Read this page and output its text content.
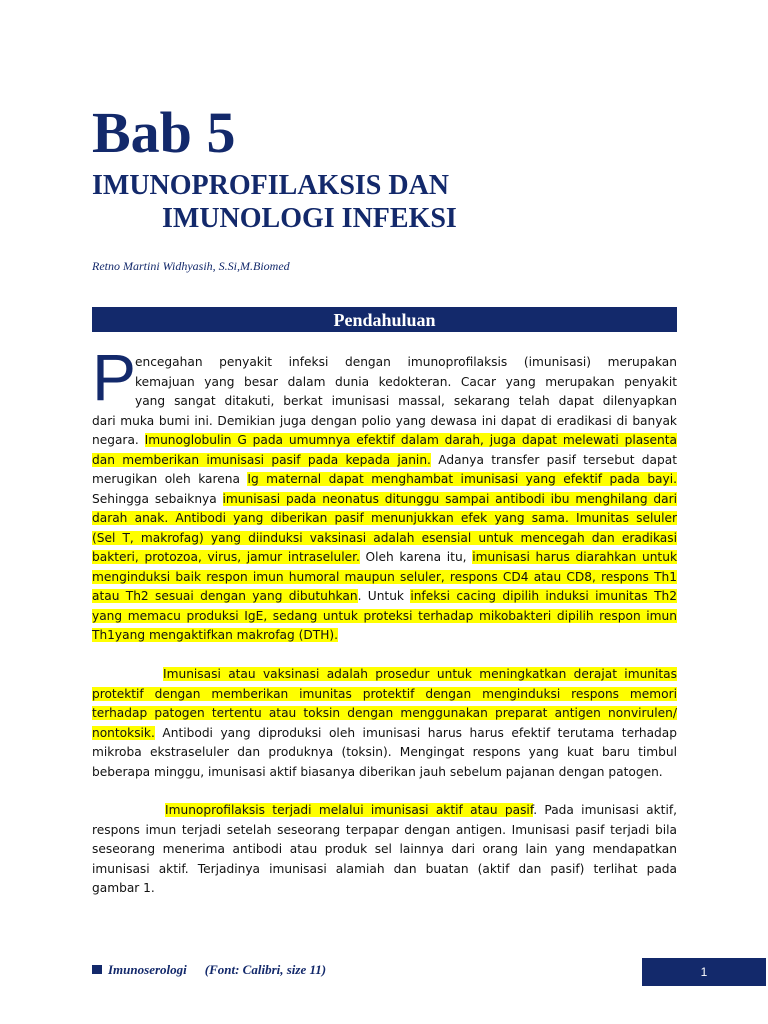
Bab 5
IMUNOPROFILAKSIS DAN
IMUNOLOGI INFEKSI
Retno Martini Widhyasih, S.Si,M.Biomed
Pendahuluan
P
encegahan penyakit infeksi dengan imunoprofilaksis (imunisasi) merupakan
kemajuan yang besar dalam dunia kedokteran. Cacar yang merupakan penyakit
yang sangat ditakuti, berkat imunisasi massal, sekarang telah dapat dilenyapkan
dari muka bumi ini. Demikian juga dengan polio yang dewasa ini dapat di eradikasi di banyak
negara. Imunoglobulin G pada umumnya efektif dalam darah, juga dapat melewati plasenta
dan memberikan imunisasi pasif pada kepada janin. Adanya transfer pasif tersebut dapat
merugikan oleh karena Ig maternal dapat menghambat imunisasi yang efektif pada bayi.
Sehingga sebaiknya imunisasi pada neonatus ditunggu sampai antibodi ibu menghilang dari
darah anak. Antibodi yang diberikan pasif menunjukkan efek yang sama. Imunitas seluler
(Sel T, makrofag) yang diinduksi vaksinasi adalah esensial untuk mencegah dan eradikasi
bakteri, protozoa, virus, jamur intraseluler. Oleh karena itu, imunisasi harus diarahkan untuk
menginduksi baik respon imun humoral maupun seluler, respons CD4 atau CD8, respons Th1
atau Th2 sesuai dengan yang dibutuhkan. Untuk infeksi cacing dipilih induksi imunitas Th2
yang memacu produksi IgE, sedang untuk proteksi terhadap mikobakteri dipilih respon imun
Th1yang mengaktifkan makrofag (DTH).
Imunisasi atau vaksinasi adalah prosedur untuk meningkatkan derajat imunitas
protektif dengan memberikan imunitas protektif dengan menginduksi respons memori
terhadap patogen tertentu atau toksin dengan menggunakan preparat antigen nonvirulen/
nontoksik. Antibodi yang diproduksi oleh imunisasi harus harus efektif terutama terhadap
mikroba ekstraseluler dan produknya (toksin). Mengingat respons yang kuat baru timbul
beberapa minggu, imunisasi aktif biasanya diberikan jauh sebelum pajanan dengan patogen.
Imunoprofilaksis terjadi melalui imunisasi aktif atau pasif. Pada imunisasi aktif,
respons imun terjadi setelah seseorang terpapar dengan antigen. Imunisasi pasif terjadi bila
seseorang menerima antibodi atau produk sel lainnya dari orang lain yang mendapatkan
imunisasi aktif. Terjadinya imunisasi alamiah dan buatan (aktif dan pasif) terlihat pada
gambar 1.
Imunoserologi (Font: Calibri, size 11)	1
